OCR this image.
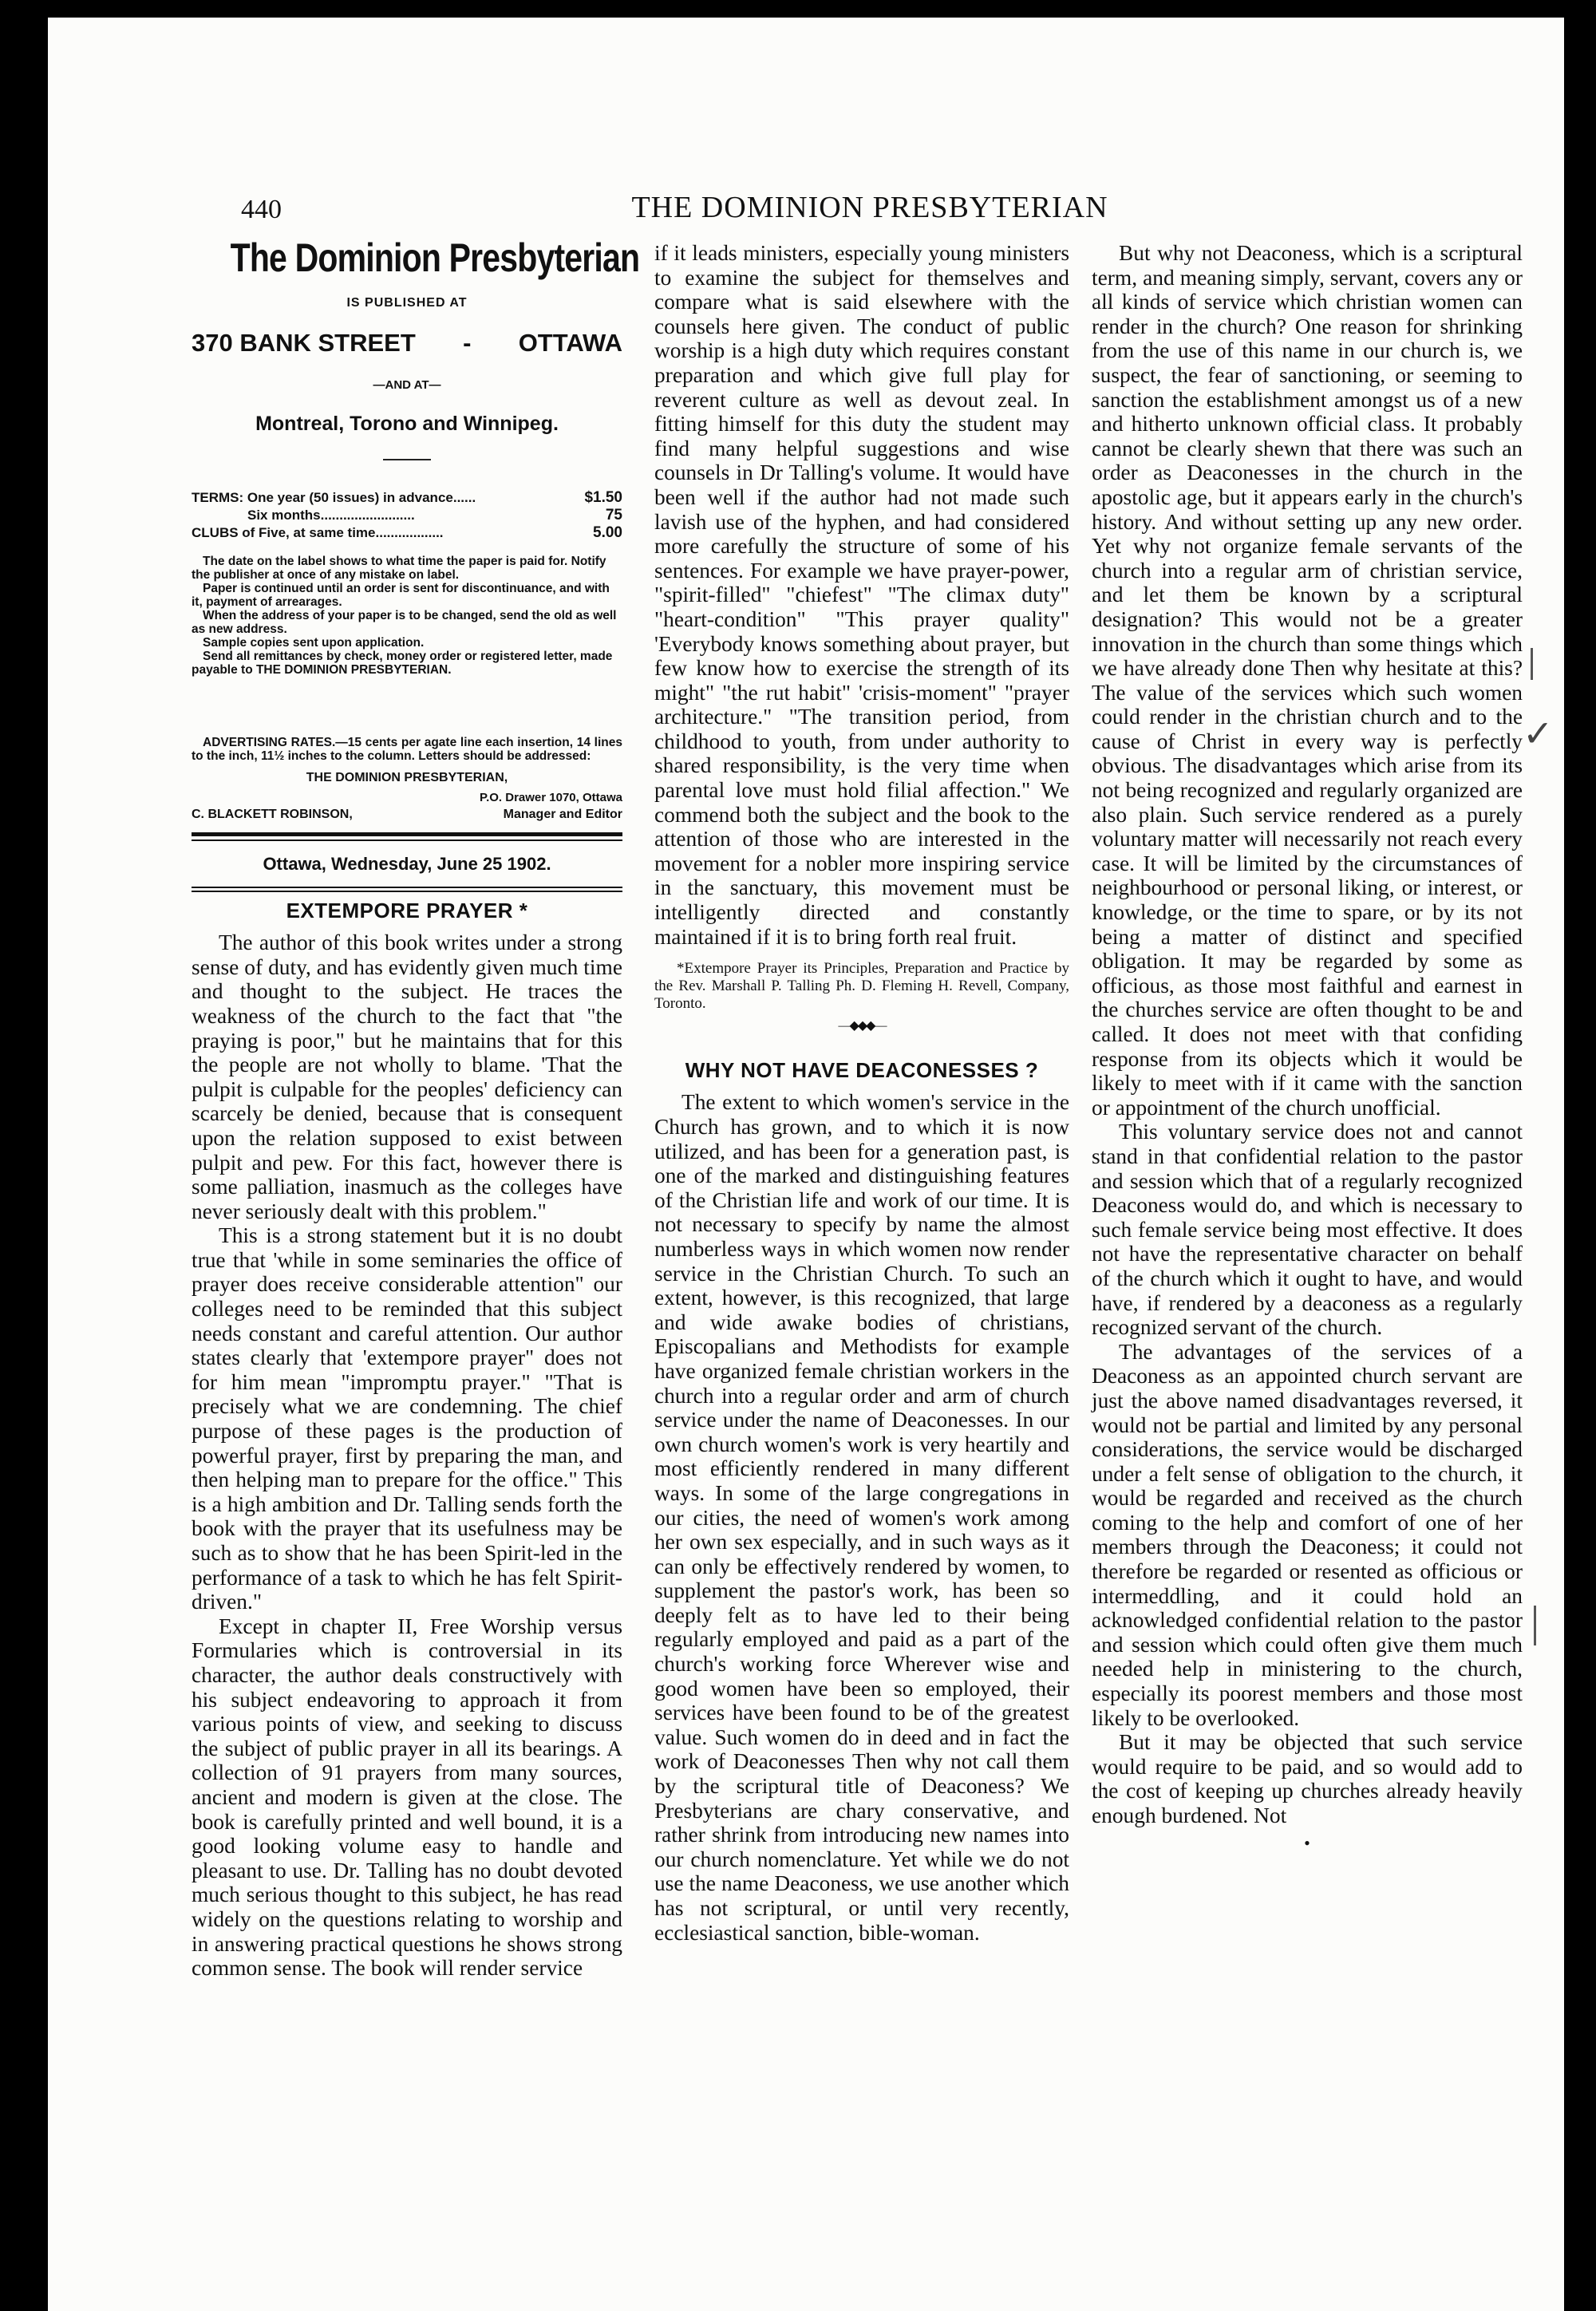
440	THE DOMINION PRESBYTERIAN
The Dominion Presbyterian
IS PUBLISHED AT
370 BANK STREET - OTTAWA
—AND AT—
Montreal, Torono and Winnipeg.
TERMS: One year (50 issues) in advance......	$1.50
Six months.........................	75
CLUBS of Five, at same time..................	5.00
The date on the label shows to what time the paper is paid for. Notify the publisher at once of any mistake on label.
Paper is continued until an order is sent for discontinuance, and with it, payment of arrearages.
When the address of your paper is to be changed, send the old as well as new address.
Sample copies sent upon application.
Send all remittances by check, money order or registered letter, made payable to THE DOMINION PRESBYTERIAN.
ADVERTISING RATES.—15 cents per agate line each insertion, 14 lines to the inch, 11½ inches to the column. Letters should be addressed:
THE DOMINION PRESBYTERIAN,
P.O. Drawer 1070, Ottawa
C. BLACKETT ROBINSON,	Manager and Editor
Ottawa, Wednesday, June 25 1902.
EXTEMPORE PRAYER *

The author of this book writes under a strong sense of duty, and has evidently given much time and thought to the subject. He traces the weakness of the church to the fact that "the praying is poor," but he maintains that for this the people are not wholly to blame. 'That the pulpit is culpable for the peoples' deficiency can scarcely be denied, because that is consequent upon the relation supposed to exist between pulpit and pew. For this fact, however there is some palliation, inasmuch as the colleges have never seriously dealt with this problem."

This is a strong statement but it is no doubt true that 'while in some seminaries the office of prayer does receive considerable attention" our colleges need to be reminded that this subject needs constant and careful attention. Our author states clearly that 'extempore prayer" does not for him mean "impromptu prayer." "That is precisely what we are condemning. The chief purpose of these pages is the production of powerful prayer, first by preparing the man, and then helping man to prepare for the office." This is a high ambition and Dr. Talling sends forth the book with the prayer that its usefulness may be such as to show that he has been Spirit-led in the performance of a task to which he has felt Spirit-driven."

Except in chapter II, Free Worship versus Formularies which is controversial in its character, the author deals constructively with his subject endeavoring to approach it from various points of view, and seeking to discuss the subject of public prayer in all its bearings. A collection of 91 prayers from many sources, ancient and modern is given at the close. The book is carefully printed and well bound, it is a good looking volume easy to handle and pleasant to use. Dr. Talling has no doubt devoted much serious thought to this subject, he has read widely on the questions relating to worship and in answering practical questions he shows strong common sense. The book will render service

if it leads ministers, especially young ministers to examine the subject for themselves and compare what is said elsewhere with the counsels here given. The conduct of public worship is a high duty which requires constant preparation and which give full play for reverent culture as well as devout zeal. In fitting himself for this duty the student may find many helpful suggestions and wise counsels in Dr Talling's volume. It would have been well if the author had not made such lavish use of the hyphen, and had considered more carefully the structure of some of his sentences. For example we have prayer-power, "spirit-filled" "chiefest" "The climax duty" "heart-condition" "This prayer quality" 'Everybody knows something about prayer, but few know how to exercise the strength of its might" "the rut habit" 'crisis-moment" "prayer architecture." "The transition period, from childhood to youth, from under authority to shared responsibility, is the very time when parental love must hold filial affection." We commend both the subject and the book to the attention of those who are interested in the movement for a nobler more inspiring service in the sanctuary, this movement must be intelligently directed and constantly maintained if it is to bring forth real fruit.

*Extempore Prayer its Principles, Preparation and Practice by the Rev. Marshall P. Talling Ph. D. Fleming H. Revell, Company, Toronto.
—◆◆◆—
WHY NOT HAVE DEACONESSES ?

The extent to which women's service in the Church has grown, and to which it is now utilized, and has been for a generation past, is one of the marked and distinguishing features of the Christian life and work of our time. It is not necessary to specify by name the almost numberless ways in which women now render service in the Christian Church. To such an extent, however, is this recognized, that large and wide awake bodies of christians, Episcopalians and Methodists for example have organized female christian workers in the church into a regular order and arm of church service under the name of Deaconesses. In our own church women's work is very heartily and most efficiently rendered in many different ways. In some of the large congregations in our cities, the need of women's work among her own sex especially, and in such ways as it can only be effectively rendered by women, to supplement the pastor's work, has been so deeply felt as to have led to their being regularly employed and paid as a part of the church's working force Wherever wise and good women have been so employed, their services have been found to be of the greatest value. Such women do in deed and in fact the work of Deaconesses Then why not call them by the scriptural title of Deaconess? We Presbyterians are chary conservative, and rather shrink from introducing new names into our church nomenclature. Yet while we do not use the name Deaconess, we use another which has not scriptural, or until very recently, ecclesiastical sanction, bible-woman.

But why not Deaconess, which is a scriptural term, and meaning simply, servant, covers any or all kinds of service which christian women can render in the church? One reason for shrinking from the use of this name in our church is, we suspect, the fear of sanctioning, or seeming to sanction the establishment amongst us of a new and hitherto unknown official class. It probably cannot be clearly shewn that there was such an order as Deaconesses in the church in the apostolic age, but it appears early in the church's history. And without setting up any new order. Yet why not organize female servants of the church into a regular arm of christian service, and let them be known by a scriptural designation? This would not be a greater innovation in the church than some things which we have already done Then why hesitate at this? The value of the services which such women could render in the christian church and to the cause of Christ in every way is perfectly obvious. The disadvantages which arise from its not being recognized and regularly organized are also plain. Such service rendered as a purely voluntary matter will necessarily not reach every case. It will be limited by the circumstances of neighbourhood or personal liking, or interest, or knowledge, or the time to spare, or by its not being a matter of distinct and specified obligation. It may be regarded by some as officious, as those most faithful and earnest in the churches service are often thought to be and called. It does not meet with that confiding response from its objects which it would be likely to meet with if it came with the sanction or appointment of the church unofficial.

This voluntary service does not and cannot stand in that confidential relation to the pastor and session which that of a regularly recognized Deaconess would do, and which is necessary to such female service being most effective. It does not have the representative character on behalf of the church which it ought to have, and would have, if rendered by a deaconess as a regularly recognized servant of the church.

The advantages of the services of a Deaconess as an appointed church servant are just the above named disadvantages reversed, it would not be partial and limited by any personal considerations, the service would be discharged under a felt sense of obligation to the church, it would be regarded and received as the church coming to the help and comfort of one of her members through the Deaconess; it could not therefore be regarded or resented as officious or intermeddling, and it could hold an acknowledged confidential relation to the pastor and session which could often give them much needed help in ministering to the church, especially its poorest members and those most likely to be overlooked.

But it may be objected that such service would require to be paid, and so would add to the cost of keeping up churches already heavily enough burdened. Not

•
✓
